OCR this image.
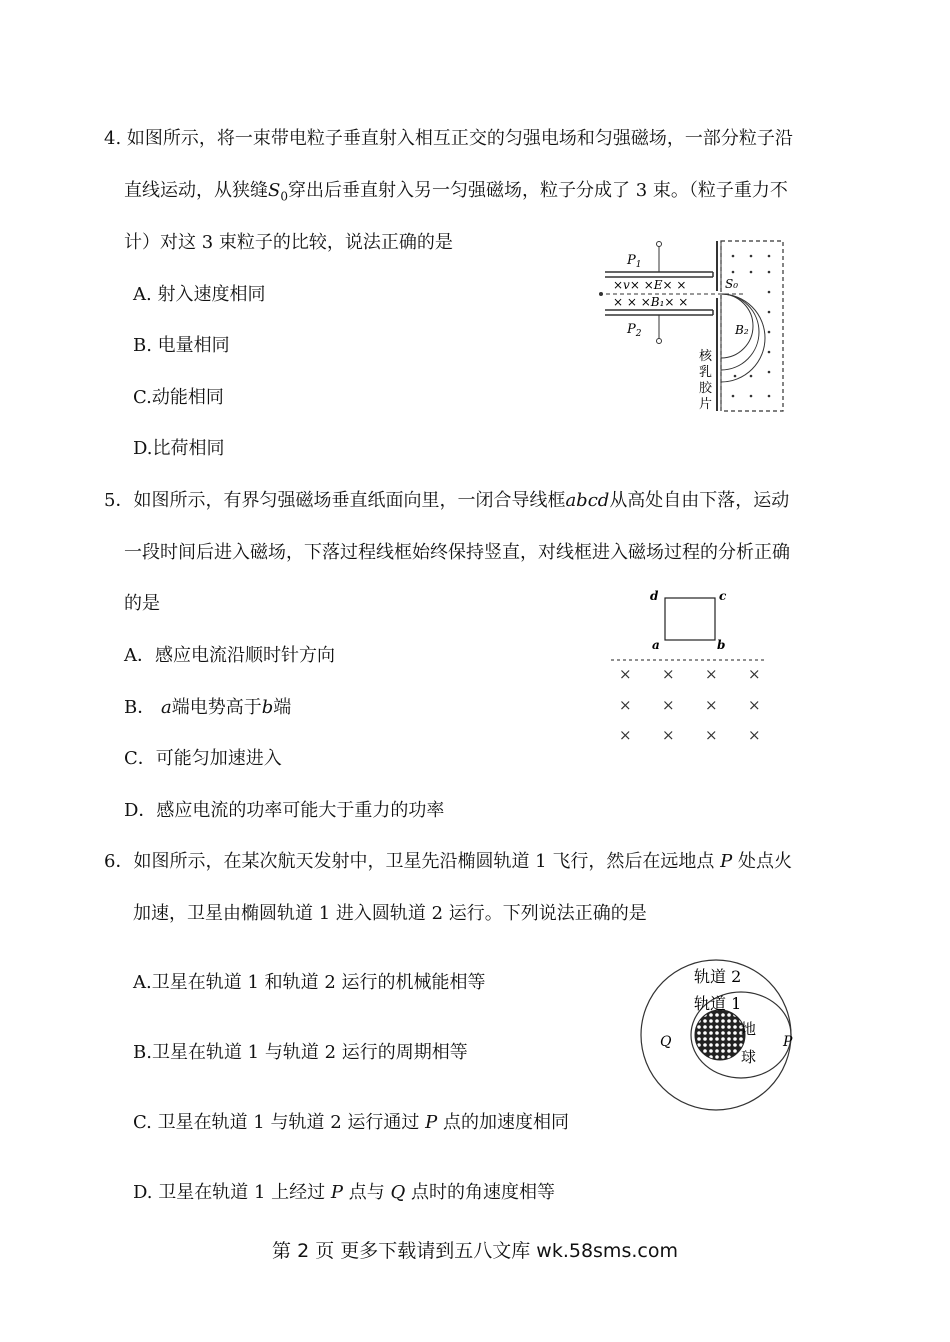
4. 如图所示，将一束带电粒子垂直射入相互正交的匀强电场和匀强磁场，一部分粒子沿
直线运动，从狭缝$S_0$穿出后垂直射入另一匀强磁场，粒子分成了 3 束。（粒子重力不
计）对这 3 束粒子的比较，说法正确的是
A. 射入速度相同
B. 电量相同
C.动能相同
D.比荷相同
$P_1$
$P_2$
×v× ×E× ×
× × ×B₁× ×
S₀
B₂
核
乳
胶
片
5．如图所示，有界匀强磁场垂直纸面向里，一闭合导线框abcd从高处自由下落，运动
一段时间后进入磁场，下落过程线框始终保持竖直，对线框进入磁场过程的分析正确
的是
A．感应电流沿顺时针方向
B． a端电势高于b端
C．可能匀加速进入
D．感应电流的功率可能大于重力的功率
d	c
a	b
× × × ×
× × × ×
× × × ×
6．如图所示，在某次航天发射中，卫星先沿椭圆轨道 1 飞行，然后在远地点 P 处点火
加速，卫星由椭圆轨道 1 进入圆轨道 2 运行。下列说法正确的是
A.卫星在轨道 1 和轨道 2 运行的机械能相等
B.卫星在轨道 1 与轨道 2 运行的周期相等
C. 卫星在轨道 1 与轨道 2 运行通过 P 点的加速度相同
D. 卫星在轨道 1 上经过 P 点与 Q 点时的角速度相等
轨道 2
轨道 1
地
球
Q	P
第 2 页 更多下载请到五八文库 wk.58sms.com
